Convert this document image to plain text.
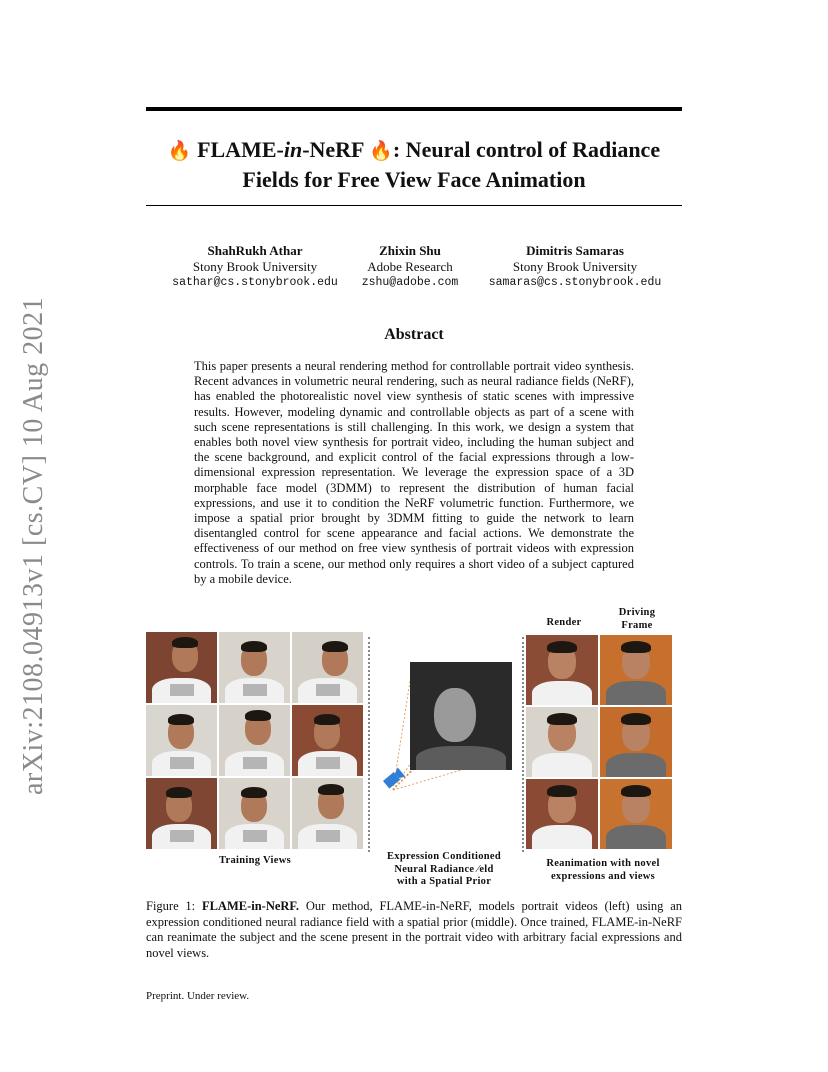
arXiv:2108.04913v1 [cs.CV] 10 Aug 2021
🔥 FLAME-in-NeRF 🔥: Neural control of Radiance
Fields for Free View Face Animation
ShahRukh Athar
Stony Brook University
sathar@cs.stonybrook.edu
Zhixin Shu
Adobe Research
zshu@adobe.com
Dimitris Samaras
Stony Brook University
samaras@cs.stonybrook.edu
Abstract
This paper presents a neural rendering method for controllable portrait video synthesis. Recent advances in volumetric neural rendering, such as neural radiance fields (NeRF), has enabled the photorealistic novel view synthesis of static scenes with impressive results. However, modeling dynamic and controllable objects as part of a scene with such scene representations is still challenging. In this work, we design a system that enables both novel view synthesis for portrait video, including the human subject and the scene background, and explicit control of the facial expressions through a low-dimensional expression representation. We leverage the expression space of a 3D morphable face model (3DMM) to represent the distribution of human facial expressions, and use it to condition the NeRF volumetric function. Furthermore, we impose a spatial prior brought by 3DMM fitting to guide the network to learn disentangled control for scene appearance and facial actions. We demonstrate the effectiveness of our method on free view synthesis of portrait videos with expression controls. To train a scene, our method only requires a short video of a subject captured by a mobile device.
Expression Conditioned
Neural Radiance ⁄eld
with a Spatial Prior
Training Views
Render
Driving
Frame
Reanimation with novel
expressions and views
Figure 1: FLAME-in-NeRF. Our method, FLAME-in-NeRF, models portrait videos (left) using an expression conditioned neural radiance field with a spatial prior (middle). Once trained, FLAME-in-NeRF can reanimate the subject and the scene present in the portrait video with arbitrary facial expressions and novel views.
Preprint. Under review.
